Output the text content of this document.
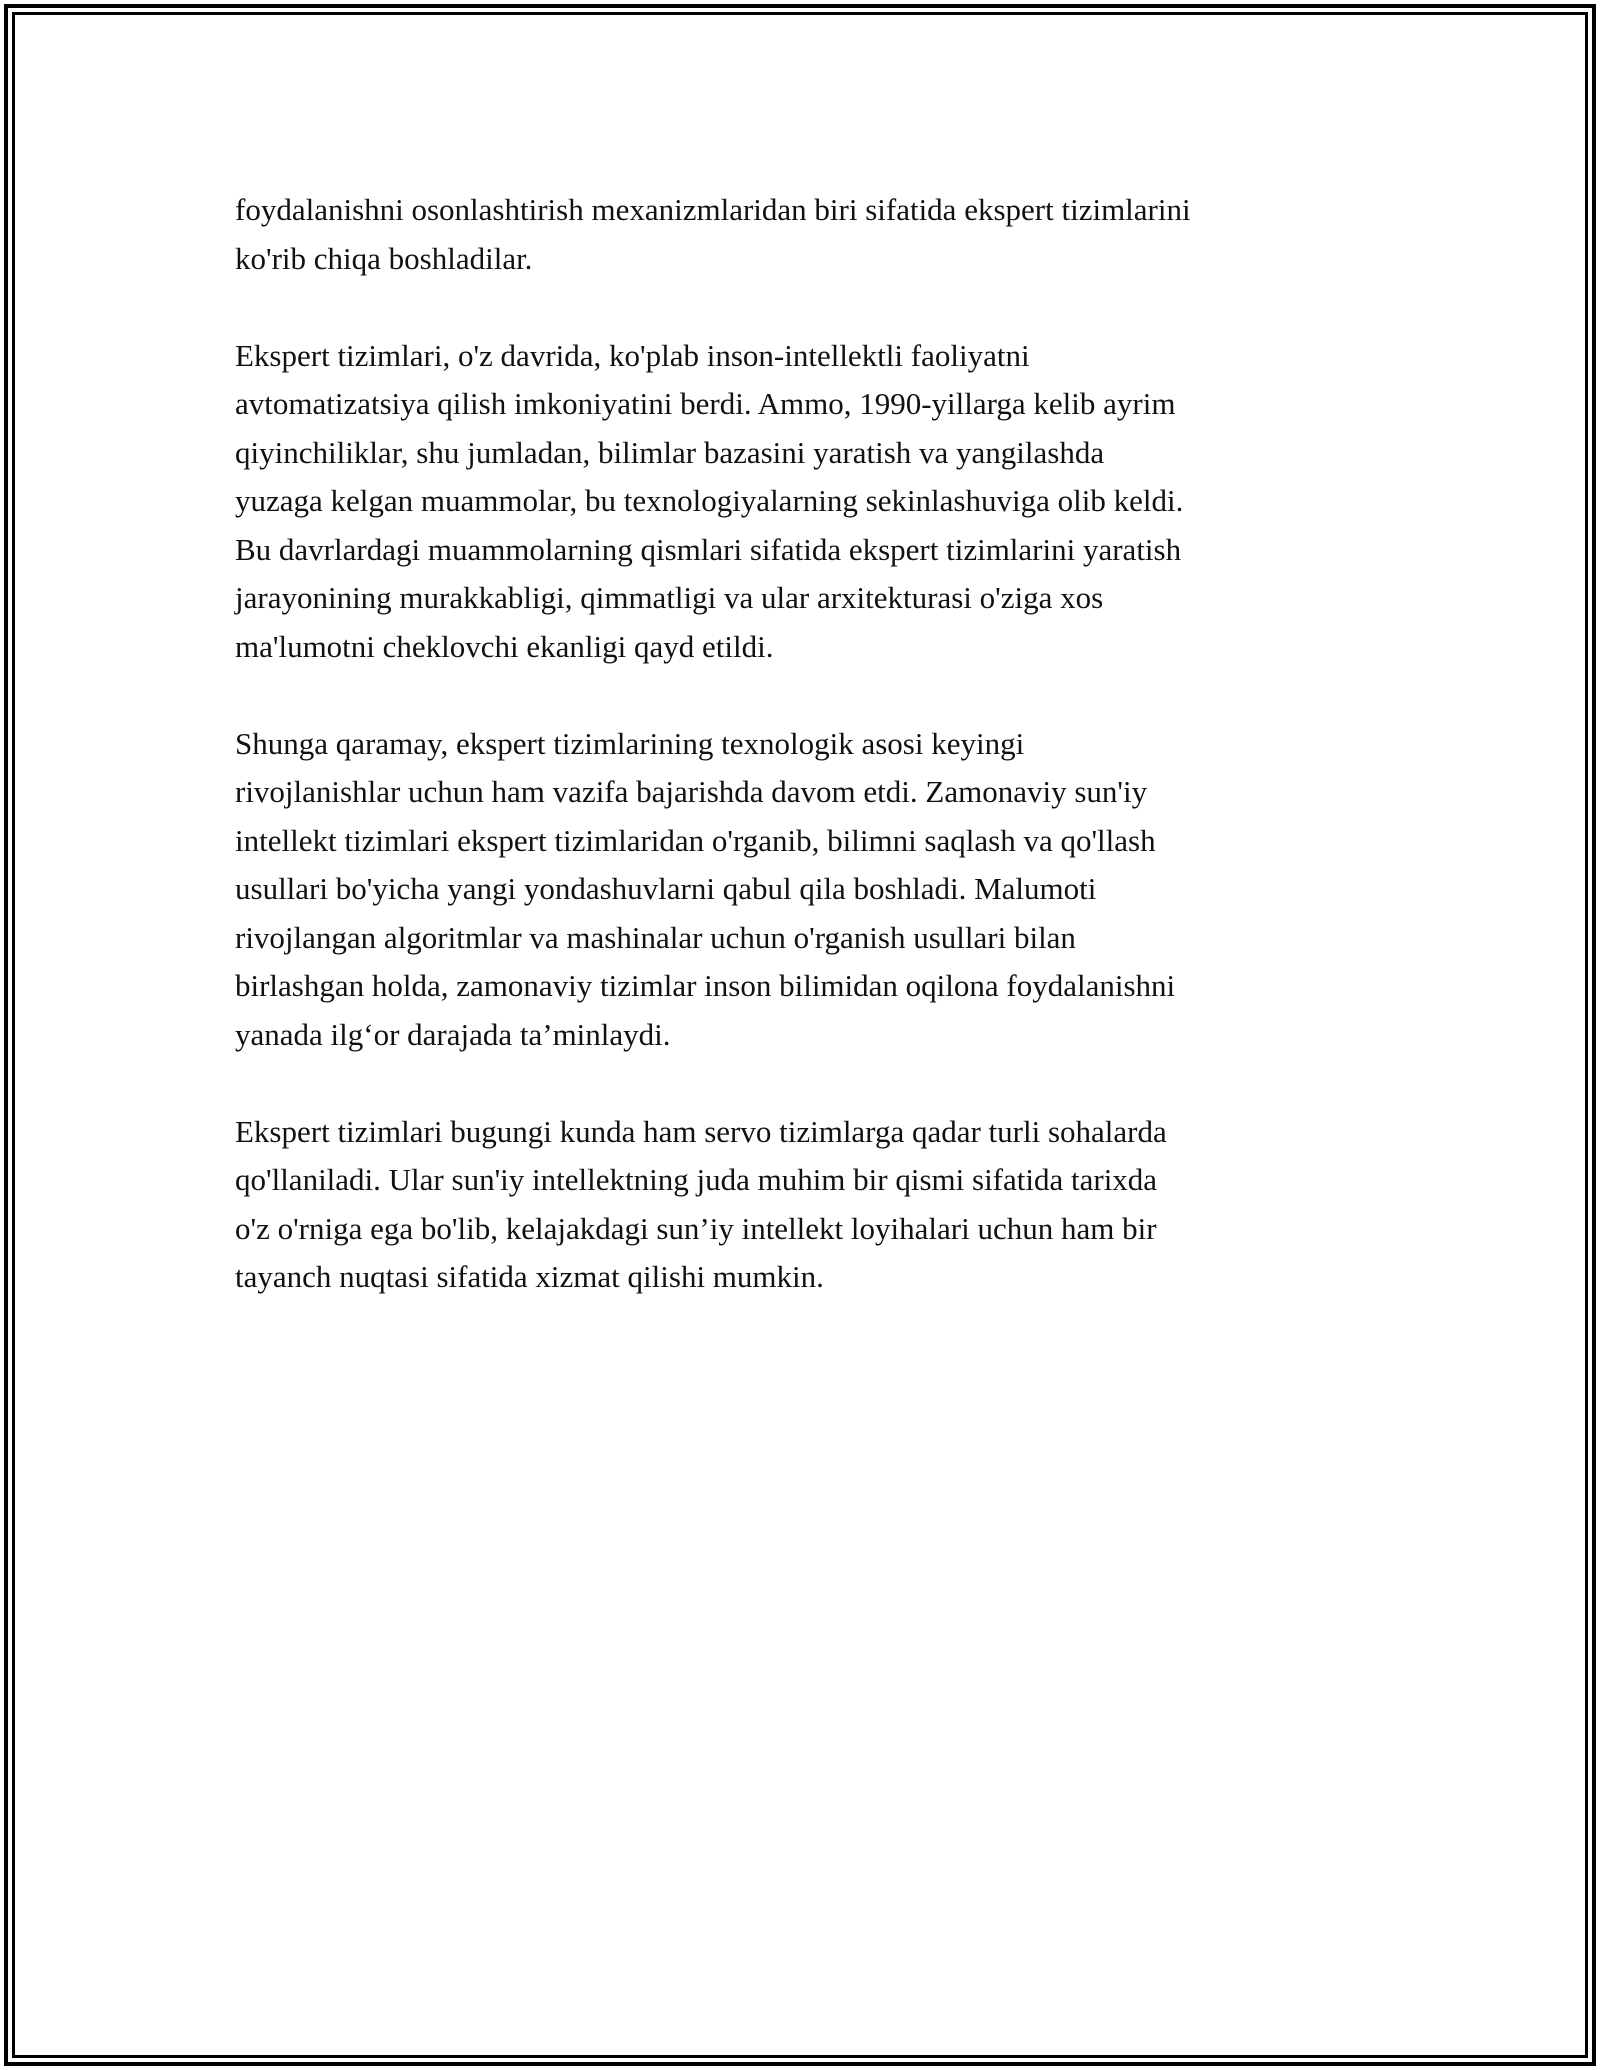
foydalanishni osonlashtirish mexanizmlaridan biri sifatida ekspert tizimlarini
ko'rib chiqa boshladilar.

Ekspert tizimlari, o'z davrida, ko'plab inson-intellektli faoliyatni
avtomatizatsiya qilish imkoniyatini berdi. Ammo, 1990-yillarga kelib ayrim
qiyinchiliklar, shu jumladan, bilimlar bazasini yaratish va yangilashda
yuzaga kelgan muammolar, bu texnologiyalarning sekinlashuviga olib keldi.
Bu davrlardagi muammolarning qismlari sifatida ekspert tizimlarini yaratish
jarayonining murakkabligi, qimmatligi va ular arxitekturasi o'ziga xos
ma'lumotni cheklovchi ekanligi qayd etildi.

Shunga qaramay, ekspert tizimlarining texnologik asosi keyingi
rivojlanishlar uchun ham vazifa bajarishda davom etdi. Zamonaviy sun'iy
intellekt tizimlari ekspert tizimlaridan o'rganib, bilimni saqlash va qo'llash
usullari bo'yicha yangi yondashuvlarni qabul qila boshladi. Malumoti
rivojlangan algoritmlar va mashinalar uchun o'rganish usullari bilan
birlashgan holda, zamonaviy tizimlar inson bilimidan oqilona foydalanishni
yanada ilg‘or darajada ta’minlaydi.

Ekspert tizimlari bugungi kunda ham servo tizimlarga qadar turli sohalarda
qo'llaniladi. Ular sun'iy intellektning juda muhim bir qismi sifatida tarixda
o'z o'rniga ega bo'lib, kelajakdagi sun’iy intellekt loyihalari uchun ham bir
tayanch nuqtasi sifatida xizmat qilishi mumkin.
